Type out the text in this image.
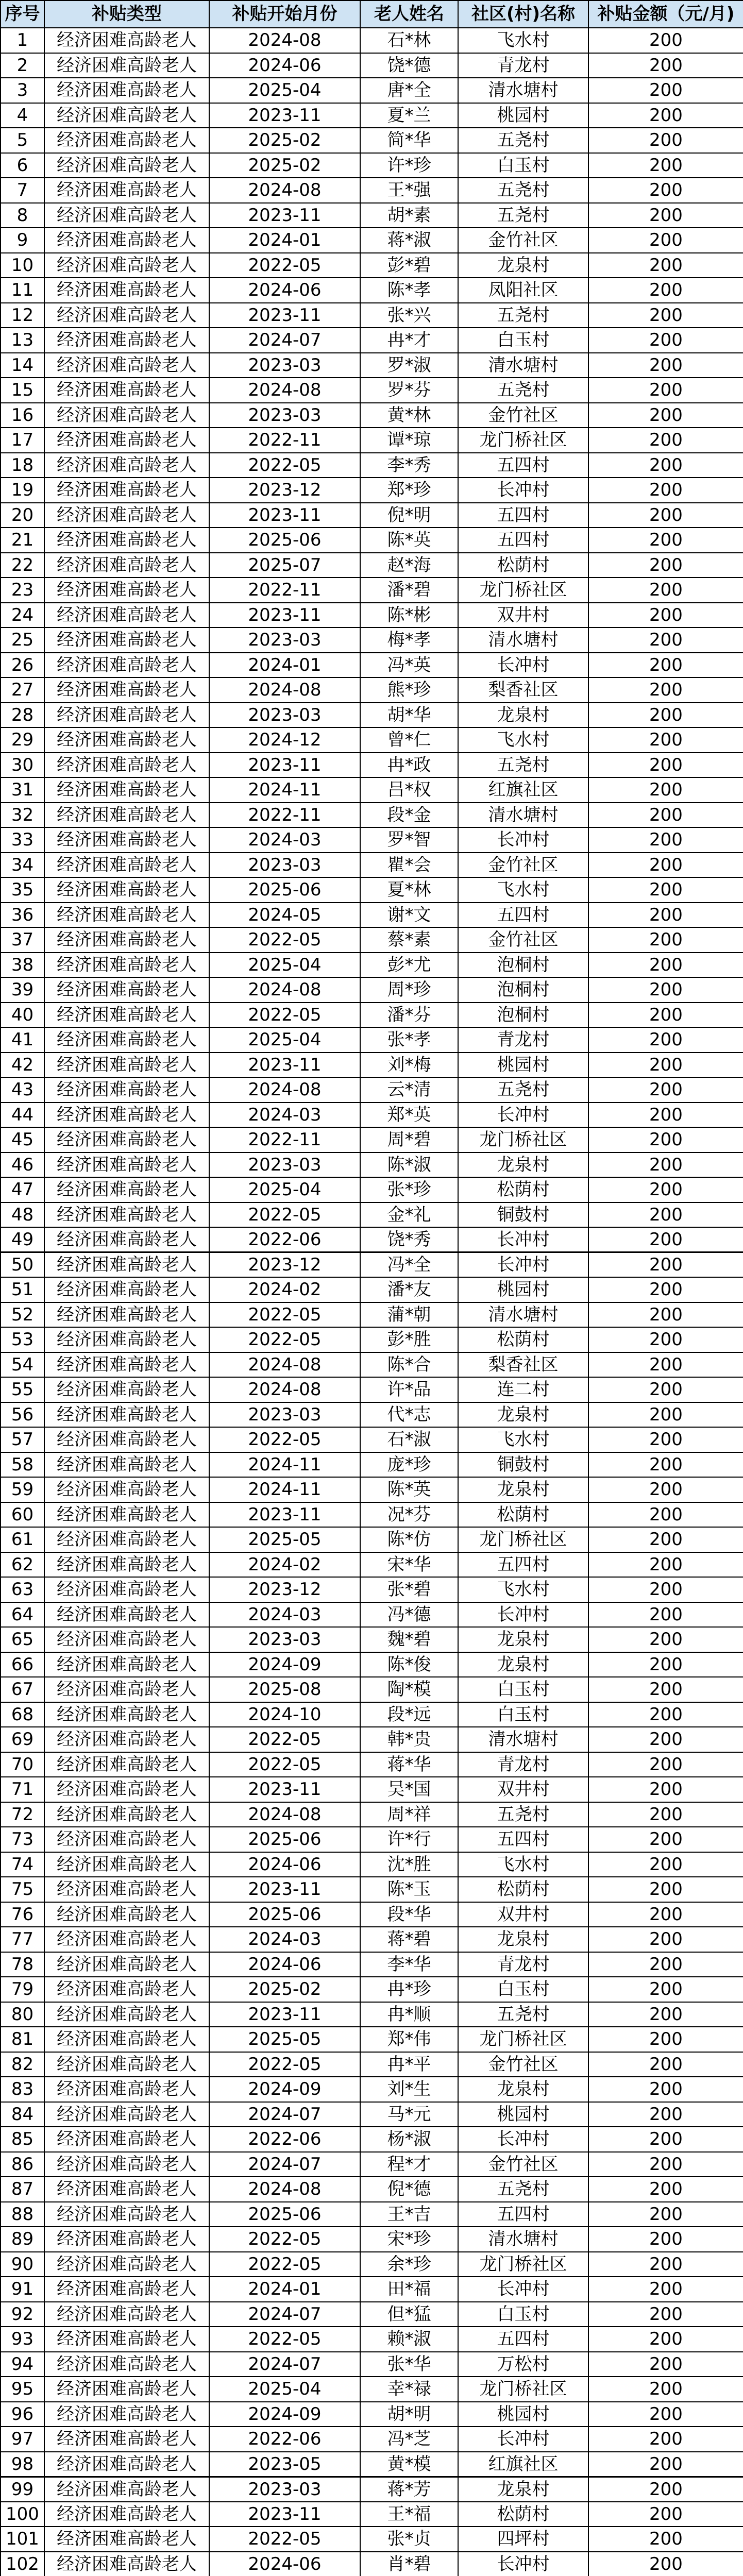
序号	补贴类型	补贴开始月份	老人姓名	社区(村)名称	补贴金额（元/月)
1	经济困难高龄老人	2024-08	石*林	飞水村	200
2	经济困难高龄老人	2024-06	饶*德	青龙村	200
3	经济困难高龄老人	2025-04	唐*全	清水塘村	200
4	经济困难高龄老人	2023-11	夏*兰	桃园村	200
5	经济困难高龄老人	2025-02	简*华	五尧村	200
6	经济困难高龄老人	2025-02	许*珍	白玉村	200
7	经济困难高龄老人	2024-08	王*强	五尧村	200
8	经济困难高龄老人	2023-11	胡*素	五尧村	200
9	经济困难高龄老人	2024-01	蒋*淑	金竹社区	200
10	经济困难高龄老人	2022-05	彭*碧	龙泉村	200
11	经济困难高龄老人	2024-06	陈*孝	凤阳社区	200
12	经济困难高龄老人	2023-11	张*兴	五尧村	200
13	经济困难高龄老人	2024-07	冉*才	白玉村	200
14	经济困难高龄老人	2023-03	罗*淑	清水塘村	200
15	经济困难高龄老人	2024-08	罗*芬	五尧村	200
16	经济困难高龄老人	2023-03	黄*林	金竹社区	200
17	经济困难高龄老人	2022-11	谭*琼	龙门桥社区	200
18	经济困难高龄老人	2022-05	李*秀	五四村	200
19	经济困难高龄老人	2023-12	郑*珍	长冲村	200
20	经济困难高龄老人	2023-11	倪*明	五四村	200
21	经济困难高龄老人	2025-06	陈*英	五四村	200
22	经济困难高龄老人	2025-07	赵*海	松荫村	200
23	经济困难高龄老人	2022-11	潘*碧	龙门桥社区	200
24	经济困难高龄老人	2023-11	陈*彬	双井村	200
25	经济困难高龄老人	2023-03	梅*孝	清水塘村	200
26	经济困难高龄老人	2024-01	冯*英	长冲村	200
27	经济困难高龄老人	2024-08	熊*珍	梨香社区	200
28	经济困难高龄老人	2023-03	胡*华	龙泉村	200
29	经济困难高龄老人	2024-12	曾*仁	飞水村	200
30	经济困难高龄老人	2023-11	冉*政	五尧村	200
31	经济困难高龄老人	2024-11	吕*权	红旗社区	200
32	经济困难高龄老人	2022-11	段*金	清水塘村	200
33	经济困难高龄老人	2024-03	罗*智	长冲村	200
34	经济困难高龄老人	2023-03	瞿*会	金竹社区	200
35	经济困难高龄老人	2025-06	夏*林	飞水村	200
36	经济困难高龄老人	2024-05	谢*文	五四村	200
37	经济困难高龄老人	2022-05	蔡*素	金竹社区	200
38	经济困难高龄老人	2025-04	彭*尤	泡桐村	200
39	经济困难高龄老人	2024-08	周*珍	泡桐村	200
40	经济困难高龄老人	2022-05	潘*芬	泡桐村	200
41	经济困难高龄老人	2025-04	张*孝	青龙村	200
42	经济困难高龄老人	2023-11	刘*梅	桃园村	200
43	经济困难高龄老人	2024-08	云*清	五尧村	200
44	经济困难高龄老人	2024-03	郑*英	长冲村	200
45	经济困难高龄老人	2022-11	周*碧	龙门桥社区	200
46	经济困难高龄老人	2023-03	陈*淑	龙泉村	200
47	经济困难高龄老人	2025-04	张*珍	松荫村	200
48	经济困难高龄老人	2022-05	金*礼	铜鼓村	200
49	经济困难高龄老人	2022-06	饶*秀	长冲村	200
50	经济困难高龄老人	2023-12	冯*全	长冲村	200
51	经济困难高龄老人	2024-02	潘*友	桃园村	200
52	经济困难高龄老人	2022-05	蒲*朝	清水塘村	200
53	经济困难高龄老人	2022-05	彭*胜	松荫村	200
54	经济困难高龄老人	2024-08	陈*合	梨香社区	200
55	经济困难高龄老人	2024-08	许*品	连二村	200
56	经济困难高龄老人	2023-03	代*志	龙泉村	200
57	经济困难高龄老人	2022-05	石*淑	飞水村	200
58	经济困难高龄老人	2024-11	庞*珍	铜鼓村	200
59	经济困难高龄老人	2024-11	陈*英	龙泉村	200
60	经济困难高龄老人	2023-11	况*芬	松荫村	200
61	经济困难高龄老人	2025-05	陈*仿	龙门桥社区	200
62	经济困难高龄老人	2024-02	宋*华	五四村	200
63	经济困难高龄老人	2023-12	张*碧	飞水村	200
64	经济困难高龄老人	2024-03	冯*德	长冲村	200
65	经济困难高龄老人	2023-03	魏*碧	龙泉村	200
66	经济困难高龄老人	2024-09	陈*俊	龙泉村	200
67	经济困难高龄老人	2025-08	陶*模	白玉村	200
68	经济困难高龄老人	2024-10	段*远	白玉村	200
69	经济困难高龄老人	2022-05	韩*贵	清水塘村	200
70	经济困难高龄老人	2022-05	蒋*华	青龙村	200
71	经济困难高龄老人	2023-11	吴*国	双井村	200
72	经济困难高龄老人	2024-08	周*祥	五尧村	200
73	经济困难高龄老人	2025-06	许*行	五四村	200
74	经济困难高龄老人	2024-06	沈*胜	飞水村	200
75	经济困难高龄老人	2023-11	陈*玉	松荫村	200
76	经济困难高龄老人	2025-06	段*华	双井村	200
77	经济困难高龄老人	2024-03	蒋*碧	龙泉村	200
78	经济困难高龄老人	2024-06	李*华	青龙村	200
79	经济困难高龄老人	2025-02	冉*珍	白玉村	200
80	经济困难高龄老人	2023-11	冉*顺	五尧村	200
81	经济困难高龄老人	2025-05	郑*伟	龙门桥社区	200
82	经济困难高龄老人	2022-05	冉*平	金竹社区	200
83	经济困难高龄老人	2024-09	刘*生	龙泉村	200
84	经济困难高龄老人	2024-07	马*元	桃园村	200
85	经济困难高龄老人	2022-06	杨*淑	长冲村	200
86	经济困难高龄老人	2024-07	程*才	金竹社区	200
87	经济困难高龄老人	2024-08	倪*德	五尧村	200
88	经济困难高龄老人	2025-06	王*吉	五四村	200
89	经济困难高龄老人	2022-05	宋*珍	清水塘村	200
90	经济困难高龄老人	2022-05	余*珍	龙门桥社区	200
91	经济困难高龄老人	2024-01	田*福	长冲村	200
92	经济困难高龄老人	2024-07	但*猛	白玉村	200
93	经济困难高龄老人	2022-05	赖*淑	五四村	200
94	经济困难高龄老人	2024-07	张*华	万松村	200
95	经济困难高龄老人	2025-04	幸*禄	龙门桥社区	200
96	经济困难高龄老人	2024-09	胡*明	桃园村	200
97	经济困难高龄老人	2022-06	冯*芝	长冲村	200
98	经济困难高龄老人	2023-05	黄*模	红旗社区	200
99	经济困难高龄老人	2023-03	蒋*芳	龙泉村	200
100	经济困难高龄老人	2023-11	王*福	松荫村	200
101	经济困难高龄老人	2022-05	张*贞	四坪村	200
102	经济困难高龄老人	2024-06	肖*碧	长冲村	200
